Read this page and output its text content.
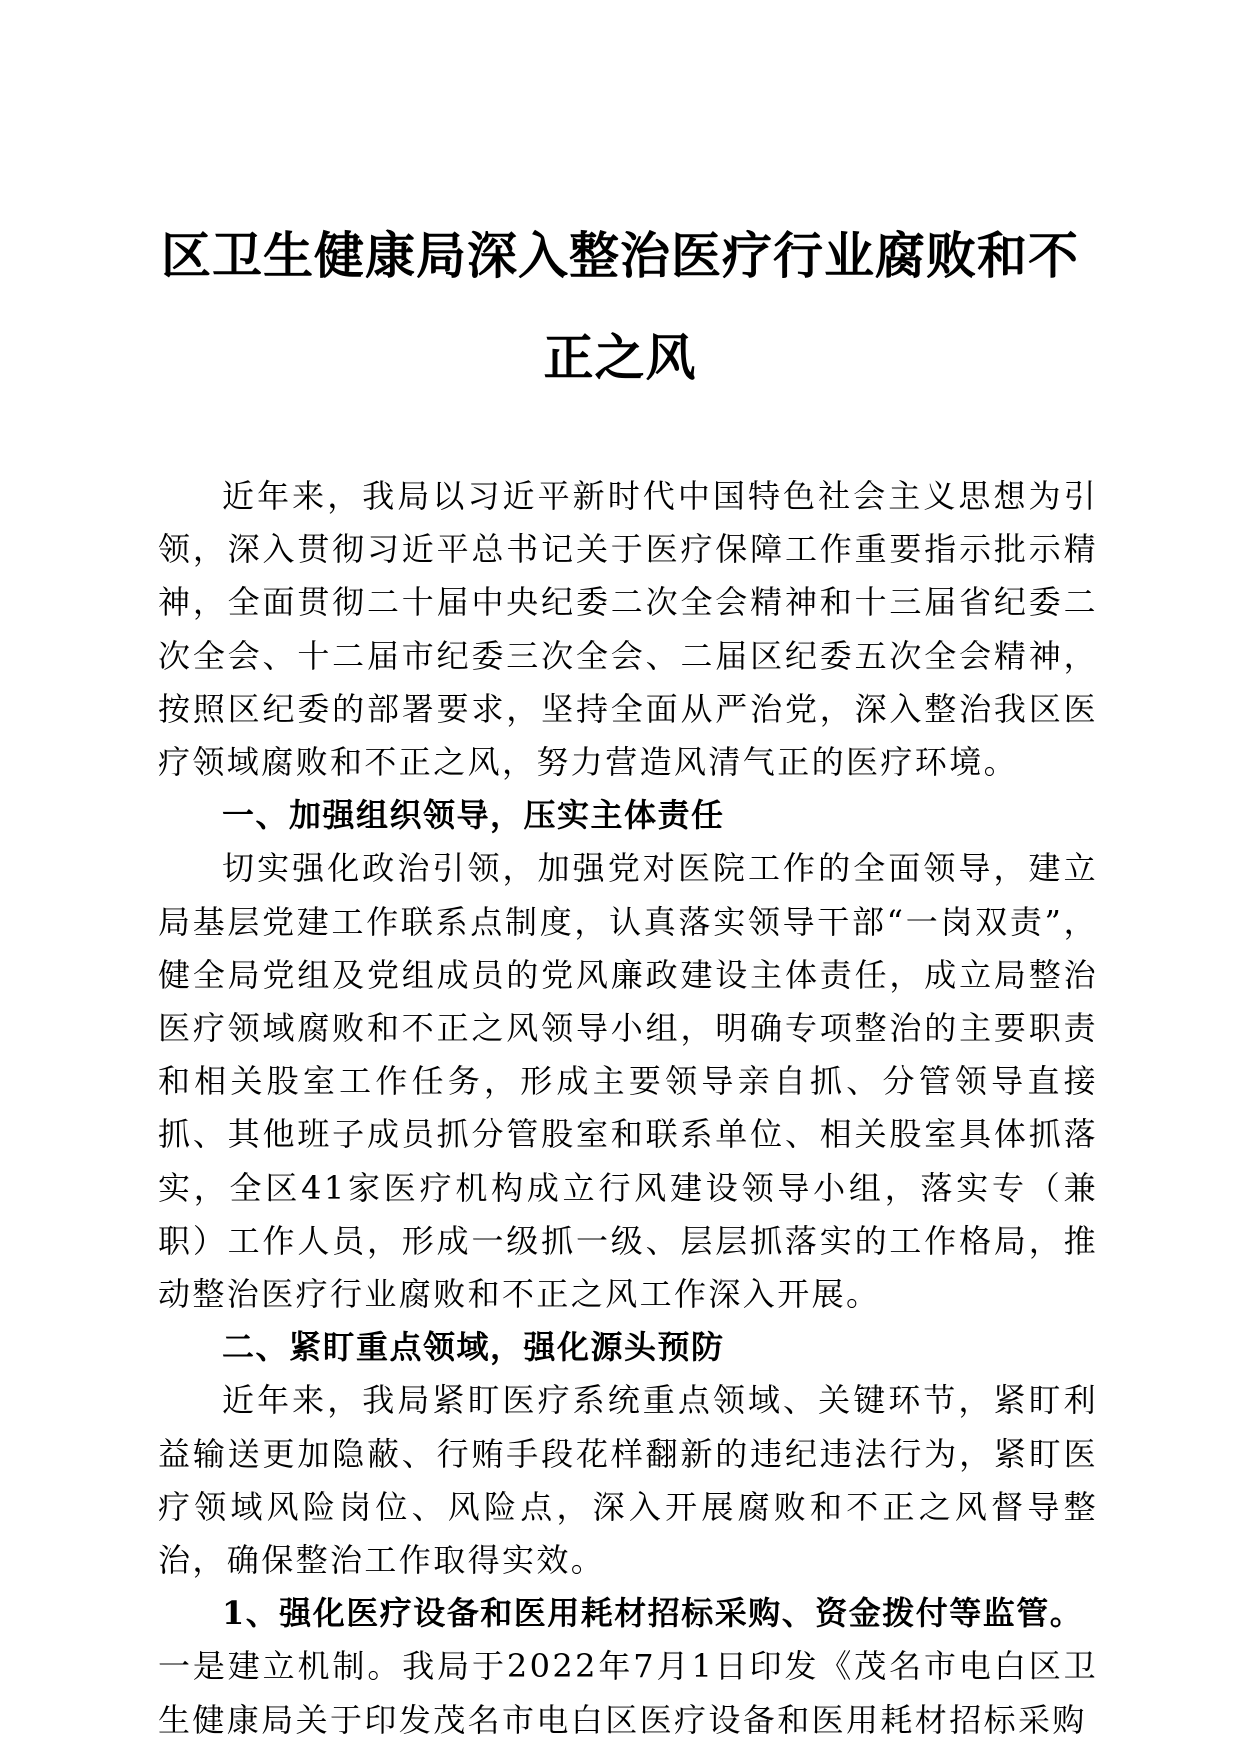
区卫生健康局深入整治医疗行业腐败和不正之风

近年来，我局以习近平新时代中国特色社会主义思想为引领，深入贯彻习近平总书记关于医疗保障工作重要指示批示精神，全面贯彻二十届中央纪委二次全会精神和十三届省纪委二次全会、十二届市纪委三次全会、二届区纪委五次全会精神，按照区纪委的部署要求，坚持全面从严治党，深入整治我区医疗领域腐败和不正之风，努力营造风清气正的医疗环境。

一、加强组织领导，压实主体责任

切实强化政治引领，加强党对医院工作的全面领导，建立局基层党建工作联系点制度，认真落实领导干部“一岗双责”，健全局党组及党组成员的党风廉政建设主体责任，成立局整治医疗领域腐败和不正之风领导小组，明确专项整治的主要职责和相关股室工作任务，形成主要领导亲自抓、分管领导直接抓、其他班子成员抓分管股室和联系单位、相关股室具体抓落实，全区41家医疗机构成立行风建设领导小组，落实专（兼职）工作人员，形成一级抓一级、层层抓落实的工作格局，推动整治医疗行业腐败和不正之风工作深入开展。

二、紧盯重点领域，强化源头预防

近年来，我局紧盯医疗系统重点领域、关键环节，紧盯利益输送更加隐蔽、行贿手段花样翻新的违纪违法行为，紧盯医疗领域风险岗位、风险点，深入开展腐败和不正之风督导整治，确保整治工作取得实效。

1、强化医疗设备和医用耗材招标采购、资金拨付等监管。

一是建立机制。我局于2022年7月1日印发《茂名市电白区卫生健康局关于印发茂名市电白区医疗设备和医用耗材招标采购
